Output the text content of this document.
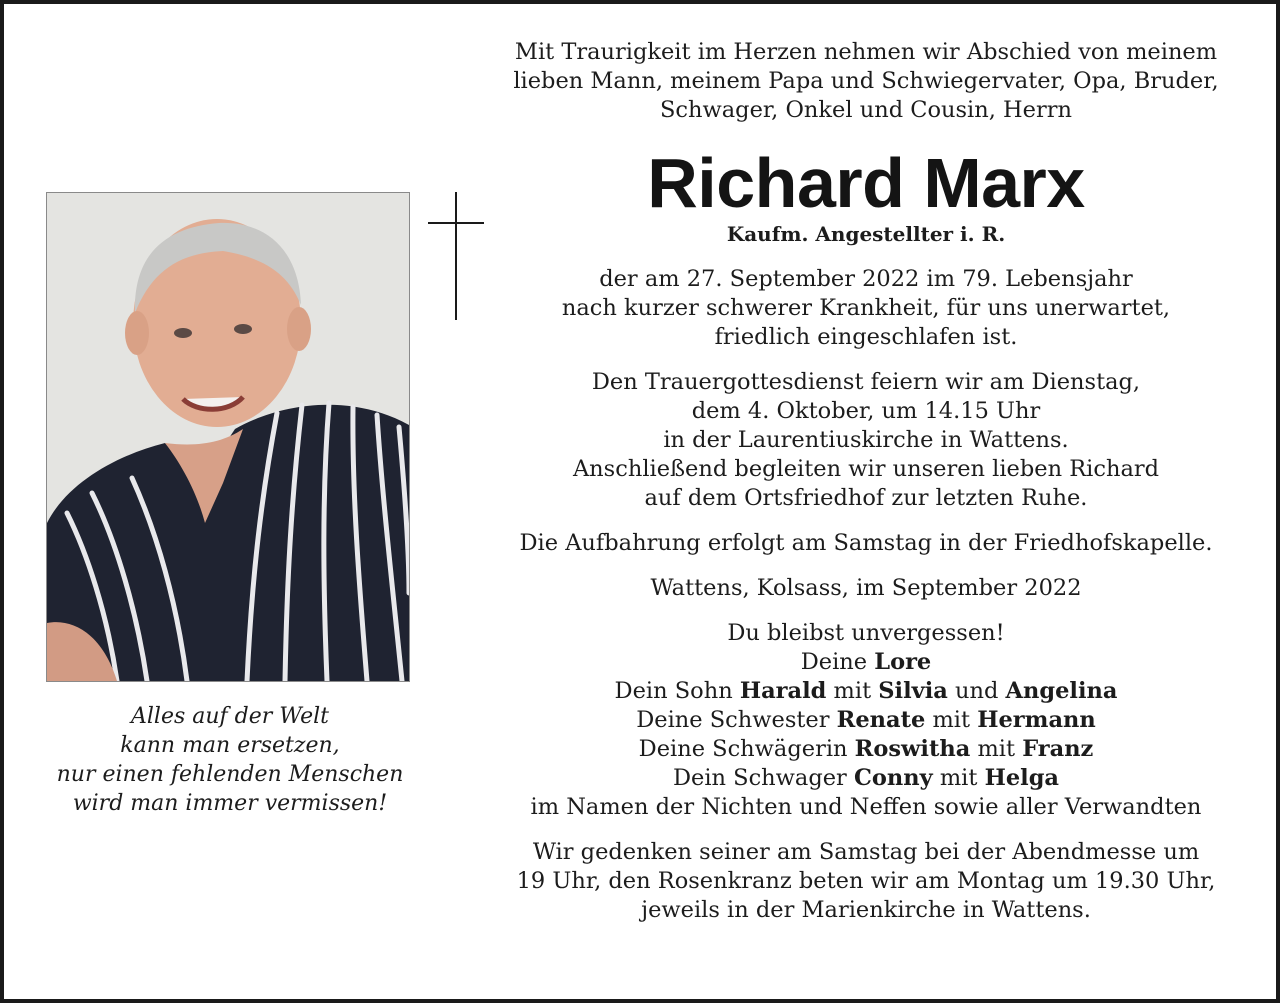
Alles auf der Welt
kann man ersetzen,
nur einen fehlenden Menschen
wird man immer vermissen!

Mit Traurigkeit im Herzen nehmen wir Abschied von meinem
lieben Mann, meinem Papa und Schwiegervater, Opa, Bruder,
Schwager, Onkel und Cousin, Herrn

Richard Marx

Kaufm. Angestellter i. R.

der am 27. September 2022 im 79. Lebensjahr
nach kurzer schwerer Krankheit, für uns unerwartet,
friedlich eingeschlafen ist.

Den Trauergottesdienst feiern wir am Dienstag,
dem 4. Oktober, um 14.15 Uhr
in der Laurentiuskirche in Wattens.
Anschließend begleiten wir unseren lieben Richard
auf dem Ortsfriedhof zur letzten Ruhe.

Die Aufbahrung erfolgt am Samstag in der Friedhofskapelle.

Wattens, Kolsass, im September 2022

Du bleibst unvergessen!

Deine Lore
Dein Sohn Harald mit Silvia und Angelina
Deine Schwester Renate mit Hermann
Deine Schwägerin Roswitha mit Franz
Dein Schwager Conny mit Helga
im Namen der Nichten und Neffen sowie aller Verwandten

Wir gedenken seiner am Samstag bei der Abendmesse um
19 Uhr, den Rosenkranz beten wir am Montag um 19.30 Uhr,
jeweils in der Marienkirche in Wattens.
